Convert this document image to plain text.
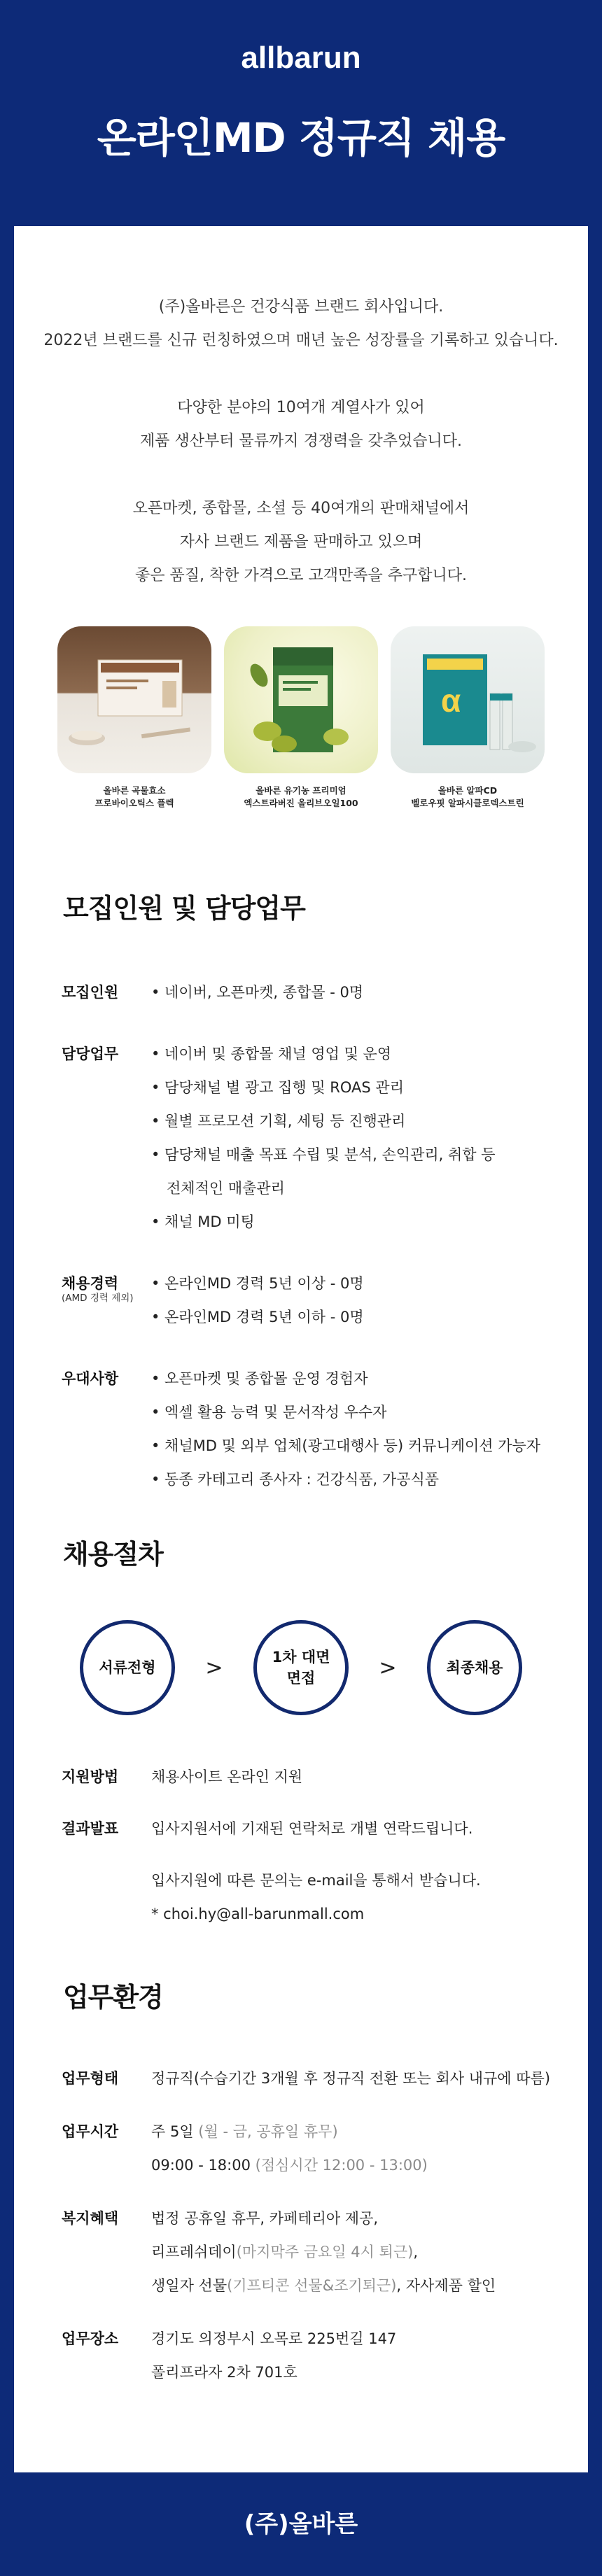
allbarun
온라인MD 정규직 채용
(주)올바른은 건강식품 브랜드 회사입니다.
2022년 브랜드를 신규 런칭하였으며 매년 높은 성장률을 기록하고 있습니다.
다양한 분야의 10여개 계열사가 있어
제품 생산부터 물류까지 경쟁력을 갖추었습니다.
오픈마켓, 종합몰, 소셜 등 40여개의 판매채널에서
자사 브랜드 제품을 판매하고 있으며
좋은 품질, 착한 가격으로 고객만족을 추구합니다.
올바른 곡물효소
프로바이오틱스 플렉
올바른 유기농 프리미엄
엑스트라버진 올리브오일100
α
올바른 알파CD
벨로우핏 알파시클로덱스트린
모집인원 및 담당업무
모집인원	• 네이버, 오픈마켓, 종합몰 - 0명
담당업무	• 네이버 및 종합몰 채널 영업 및 운영
• 담당채널 별 광고 집행 및 ROAS 관리
• 월별 프로모션 기획, 세팅 등 진행관리
• 담당채널 매출 목표 수립 및 분석, 손익관리, 취합 등
전체적인 매출관리
• 채널 MD 미팅
채용경력
(AMD 경력 제외)
• 온라인MD 경력 5년 이상 - 0명
• 온라인MD 경력 5년 이하 - 0명
우대사항	• 오픈마켓 및 종합몰 운영 경험자
• 엑셀 활용 능력 및 문서작성 우수자
• 채널MD 및 외부 업체(광고대행사 등) 커뮤니케이션 가능자
• 동종 카테고리 종사자 : 건강식품, 가공식품
채용절차
서류전형	>	1차 대면
면접	>	최종채용
지원방법	채용사이트 온라인 지원
결과발표	입사지원서에 기재된 연락처로 개별 연락드립니다.
입사지원에 따른 문의는 e-mail을 통해서 받습니다.
* choi.hy@all-barunmall.com
업무환경
업무형태	정규직(수습기간 3개월 후 정규직 전환 또는 회사 내규에 따름)
업무시간	주 5일 (월 - 금, 공휴일 휴무)
09:00 - 18:00 (점심시간 12:00 - 13:00)
복지혜택	법정 공휴일 휴무, 카페테리아 제공,
리프레쉬데이(마지막주 금요일 4시 퇴근),
생일자 선물(기프티콘 선물&조기퇴근), 자사제품 할인
업무장소	경기도 의정부시 오목로 225번길 147
폴리프라자 2차 701호
(주)올바른
